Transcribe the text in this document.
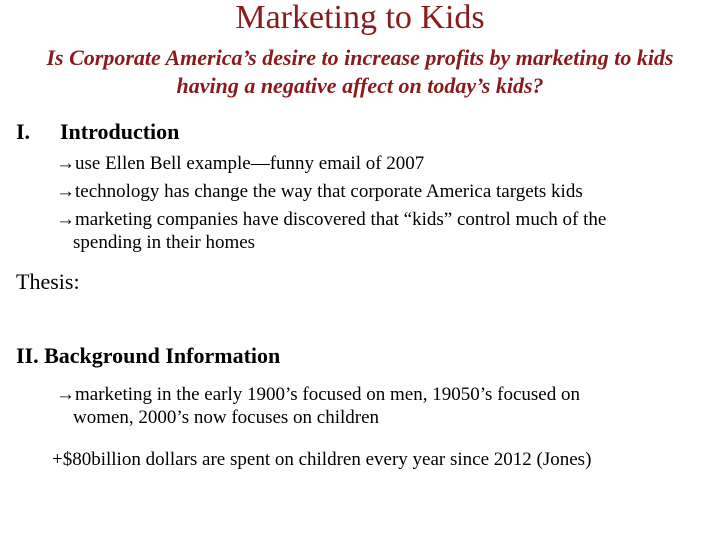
Marketing to Kids
Is Corporate America’s desire to increase profits by marketing to kids having a negative affect on today’s kids?
I. Introduction
→use Ellen Bell example—funny email of 2007
→technology has change the way that corporate America targets kids
→marketing companies have discovered that “kids” control much of the
spending in their homes
Thesis:
II. Background Information
→marketing in the early 1900’s focused on men, 19050’s focused on
women, 2000’s now focuses on children
+$80billion dollars are spent on children every year since 2012 (Jones)
